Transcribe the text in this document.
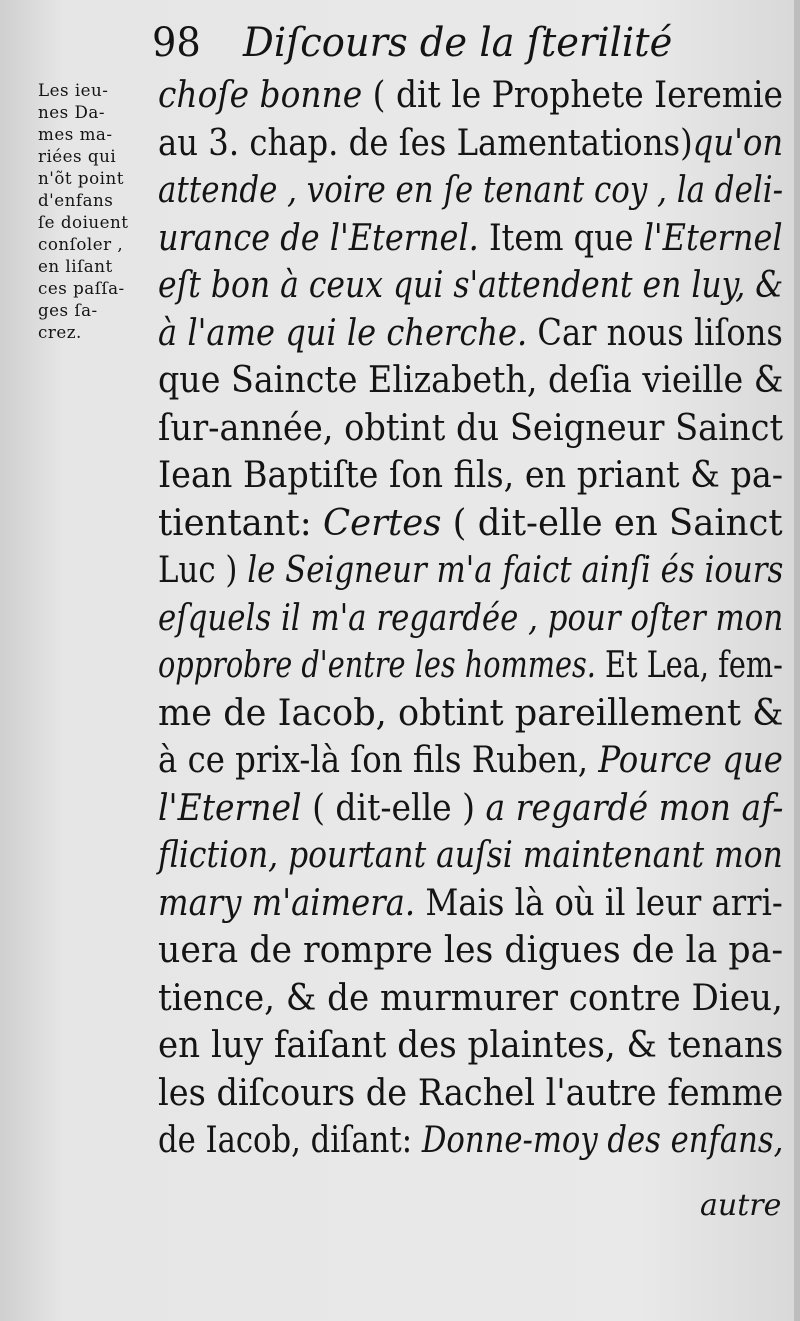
98 Diſcours de la ſterilité
Les ieu-
nes Da-
mes ma-
riées qui
n'õt point
d'enfans
ſe doiuent
conſoler ,
en liſant
ces paſſa-
ges ſa-
crez.
choſe bonne ( dit le Prophete Ieremie
au 3. chap. de ſes Lamentations)qu'on
attende , voire en ſe tenant coy , la deli-
urance de l'Eternel. Item que l'Eternel
eſt bon à ceux qui s'attendent en luy, &
à l'ame qui le cherche. Car nous liſons
que Saincte Elizabeth, deſia vieille &
ſur-année, obtint du Seigneur Sainct
Iean Baptiſte ſon fils, en priant & pa-
tientant: Certes ( dit-elle en Sainct
Luc ) le Seigneur m'a faict ainſi és iours
eſquels il m'a regardée , pour oſter mon
opprobre d'entre les hommes. Et Lea, fem-
me de Iacob, obtint pareillement &
à ce prix-là ſon fils Ruben, Pource que
l'Eternel ( dit-elle ) a regardé mon af-
fliction, pourtant auſsi maintenant mon
mary m'aimera. Mais là où il leur arri-
uera de rompre les digues de la pa-
tience, & de murmurer contre Dieu,
en luy faiſant des plaintes, & tenans
les diſcours de Rachel l'autre femme
de Iacob, diſant: Donne-moy des enfans,
autre
